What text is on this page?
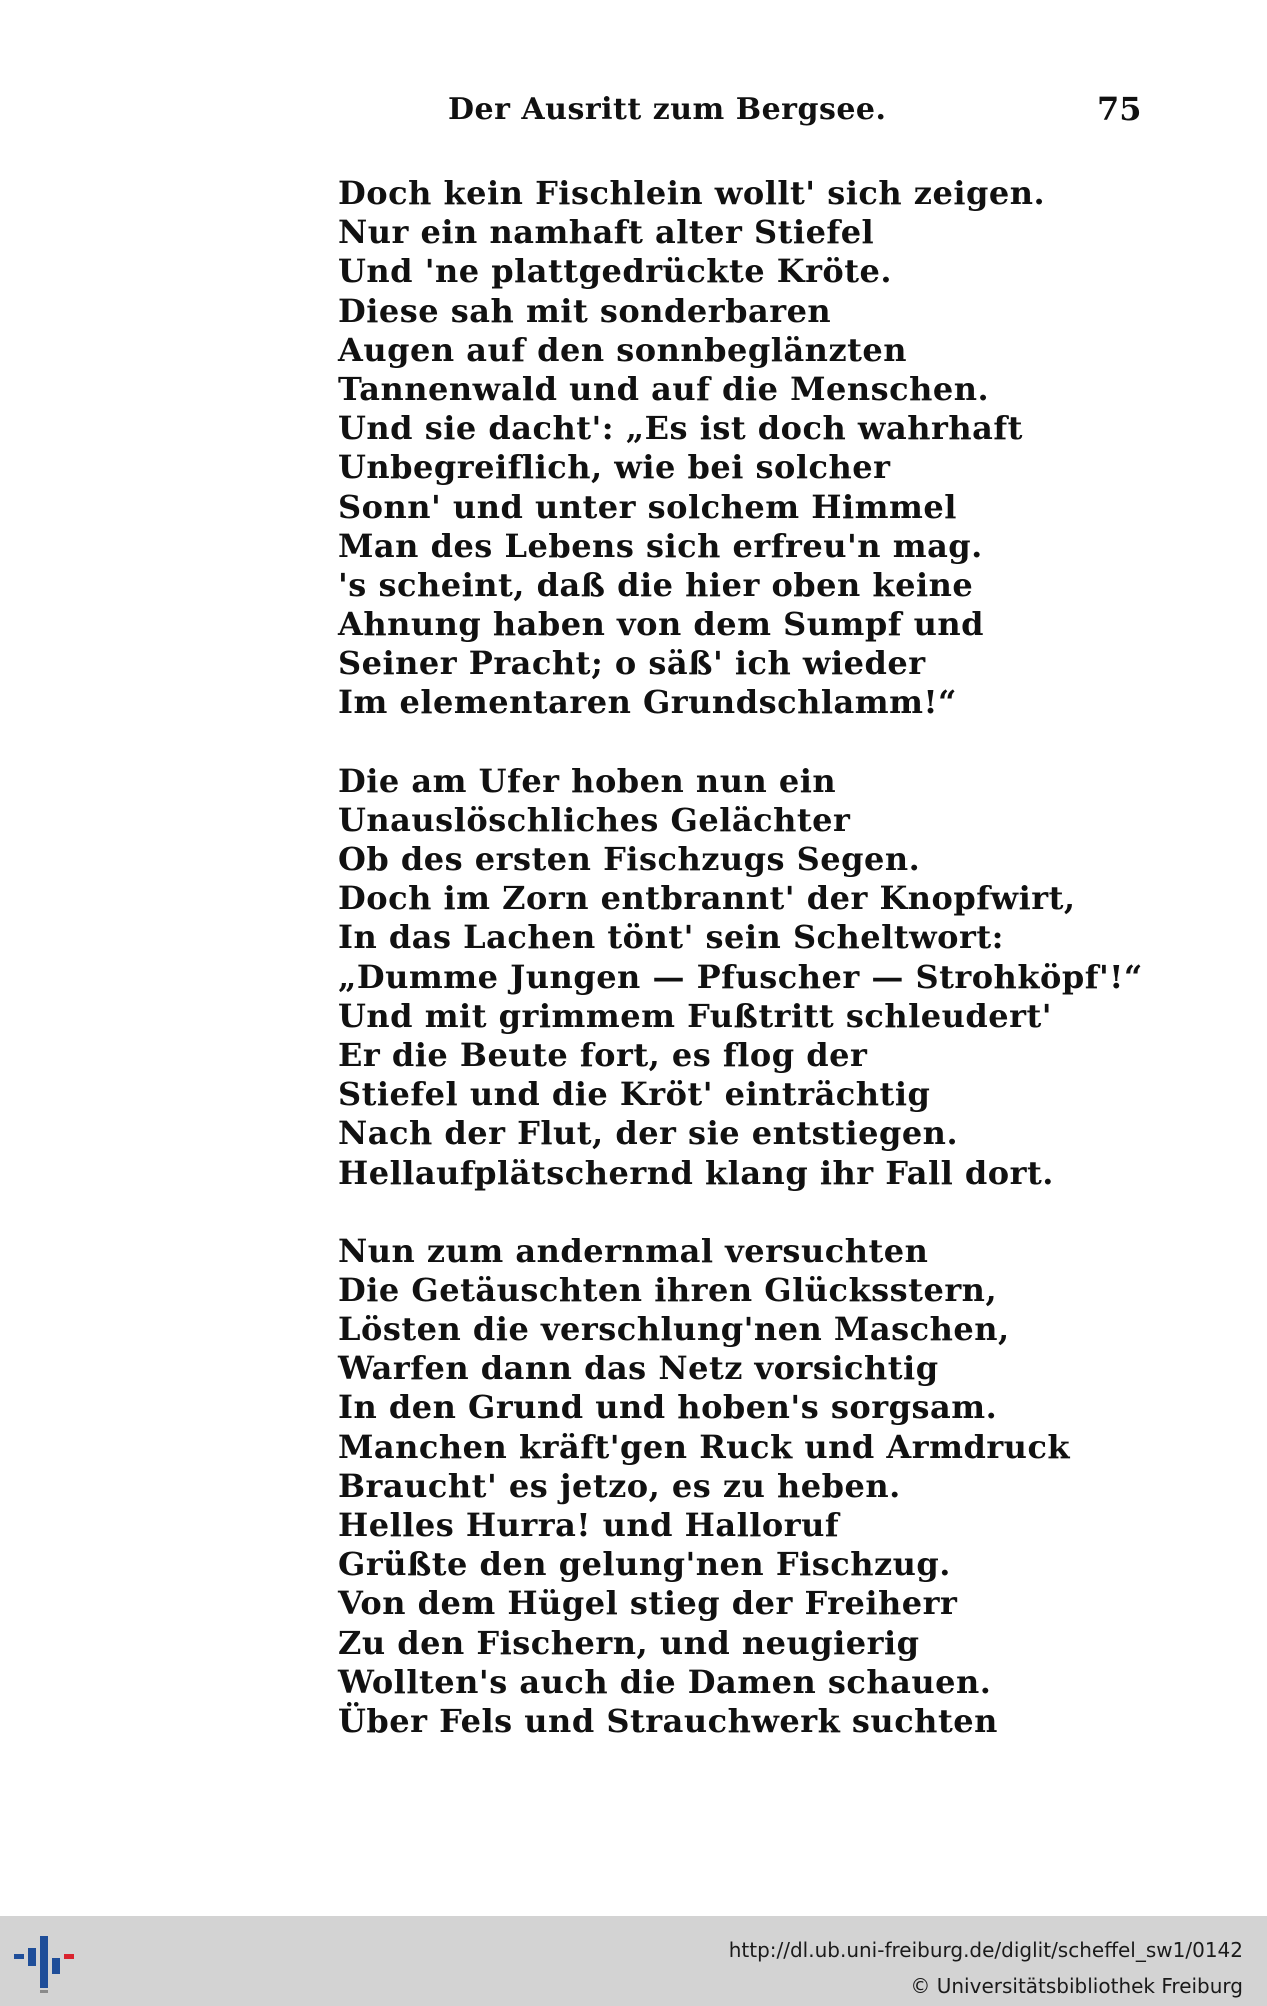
Der Ausritt zum Bergsee.	75
Doch kein Fischlein wollt' sich zeigen.
Nur ein namhaft alter Stiefel
Und 'ne plattgedrückte Kröte.
Diese sah mit sonderbaren
Augen auf den sonnbeglänzten
Tannenwald und auf die Menschen.
Und sie dacht': „Es ist doch wahrhaft
Unbegreiflich, wie bei solcher
Sonn' und unter solchem Himmel
Man des Lebens sich erfreu'n mag.
's scheint, daß die hier oben keine
Ahnung haben von dem Sumpf und
Seiner Pracht; o säß' ich wieder
Im elementaren Grundschlamm!“
Die am Ufer hoben nun ein
Unauslöschliches Gelächter
Ob des ersten Fischzugs Segen.
Doch im Zorn entbrannt' der Knopfwirt,
In das Lachen tönt' sein Scheltwort:
„Dumme Jungen — Pfuscher — Strohköpf'!“
Und mit grimmem Fußtritt schleudert'
Er die Beute fort, es flog der
Stiefel und die Kröt' einträchtig
Nach der Flut, der sie entstiegen.
Hellaufplätschernd klang ihr Fall dort.
Nun zum andernmal versuchten
Die Getäuschten ihren Glücksstern,
Lösten die verschlung'nen Maschen,
Warfen dann das Netz vorsichtig
In den Grund und hoben's sorgsam.
Manchen kräft'gen Ruck und Armdruck
Braucht' es jetzo, es zu heben.
Helles Hurra! und Halloruf
Grüßte den gelung'nen Fischzug.
Von dem Hügel stieg der Freiherr
Zu den Fischern, und neugierig
Wollten's auch die Damen schauen.
Über Fels und Strauchwerk suchten
http://dl.ub.uni-freiburg.de/diglit/scheffel_sw1/0142
© Universitätsbibliothek Freiburg
